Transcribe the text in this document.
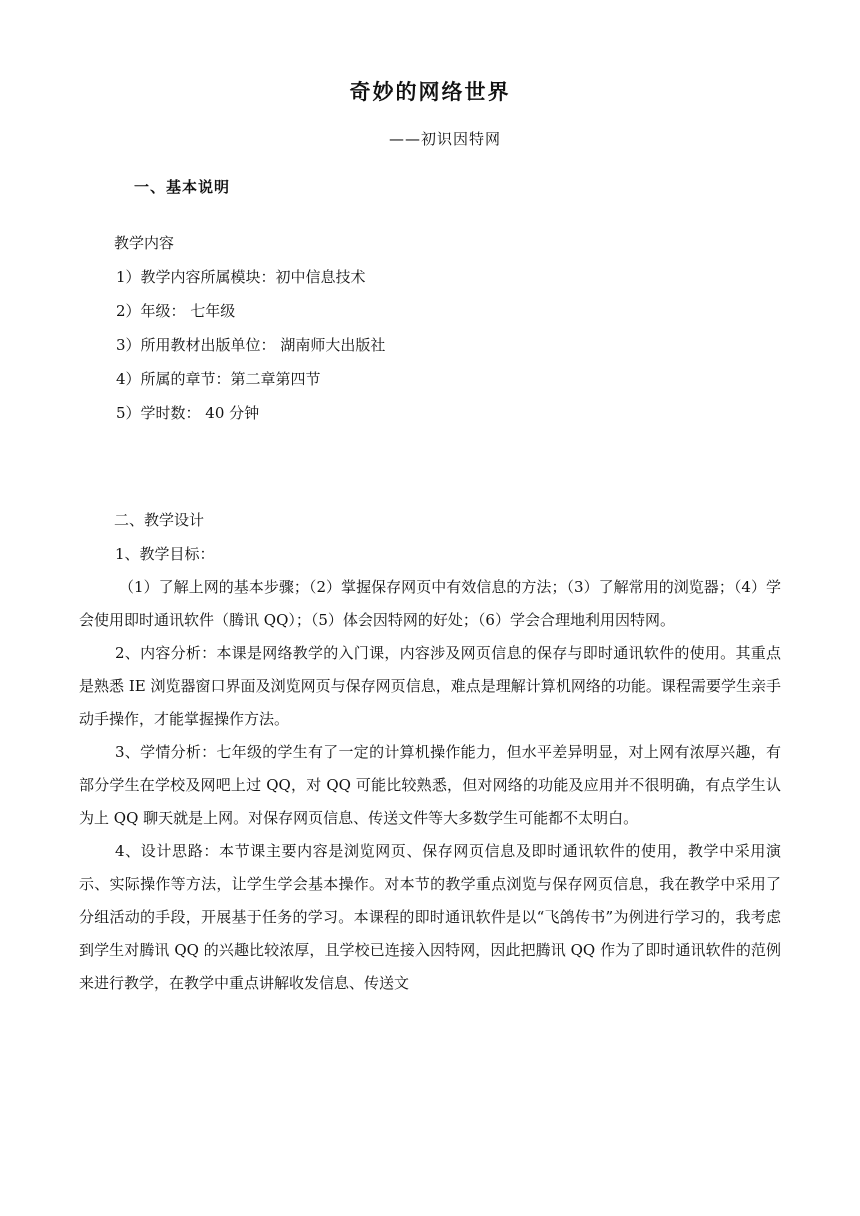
奇妙的网络世界
——初识因特网
一、基本说明
教学内容
1）教学内容所属模块：初中信息技术
2）年级： 七年级
3）所用教材出版单位： 湖南师大出版社
4）所属的章节：第二章第四节
5）学时数： 40 分钟
二、教学设计

1、教学目标：

（1）了解上网的基本步骤；（2）掌握保存网页中有效信息的方法；（3）了解常用的浏览器；（4）学会使用即时通讯软件（腾讯 QQ）；（5）体会因特网的好处；（6）学会合理地利用因特网。

2、内容分析：本课是网络教学的入门课，内容涉及网页信息的保存与即时通讯软件的使用。其重点是熟悉 IE 浏览器窗口界面及浏览网页与保存网页信息，难点是理解计算机网络的功能。课程需要学生亲手动手操作，才能掌握操作方法。

3、学情分析：七年级的学生有了一定的计算机操作能力，但水平差异明显，对上网有浓厚兴趣，有部分学生在学校及网吧上过 QQ，对 QQ 可能比较熟悉，但对网络的功能及应用并不很明确，有点学生认为上 QQ 聊天就是上网。对保存网页信息、传送文件等大多数学生可能都不太明白。

4、设计思路：本节课主要内容是浏览网页、保存网页信息及即时通讯软件的使用，教学中采用演示、实际操作等方法，让学生学会基本操作。对本节的教学重点浏览与保存网页信息，我在教学中采用了分组活动的手段，开展基于任务的学习。本课程的即时通讯软件是以“飞鸽传书”为例进行学习的，我考虑到学生对腾讯 QQ 的兴趣比较浓厚，且学校已连接入因特网，因此把腾讯 QQ 作为了即时通讯软件的范例来进行教学，在教学中重点讲解收发信息、传送文
